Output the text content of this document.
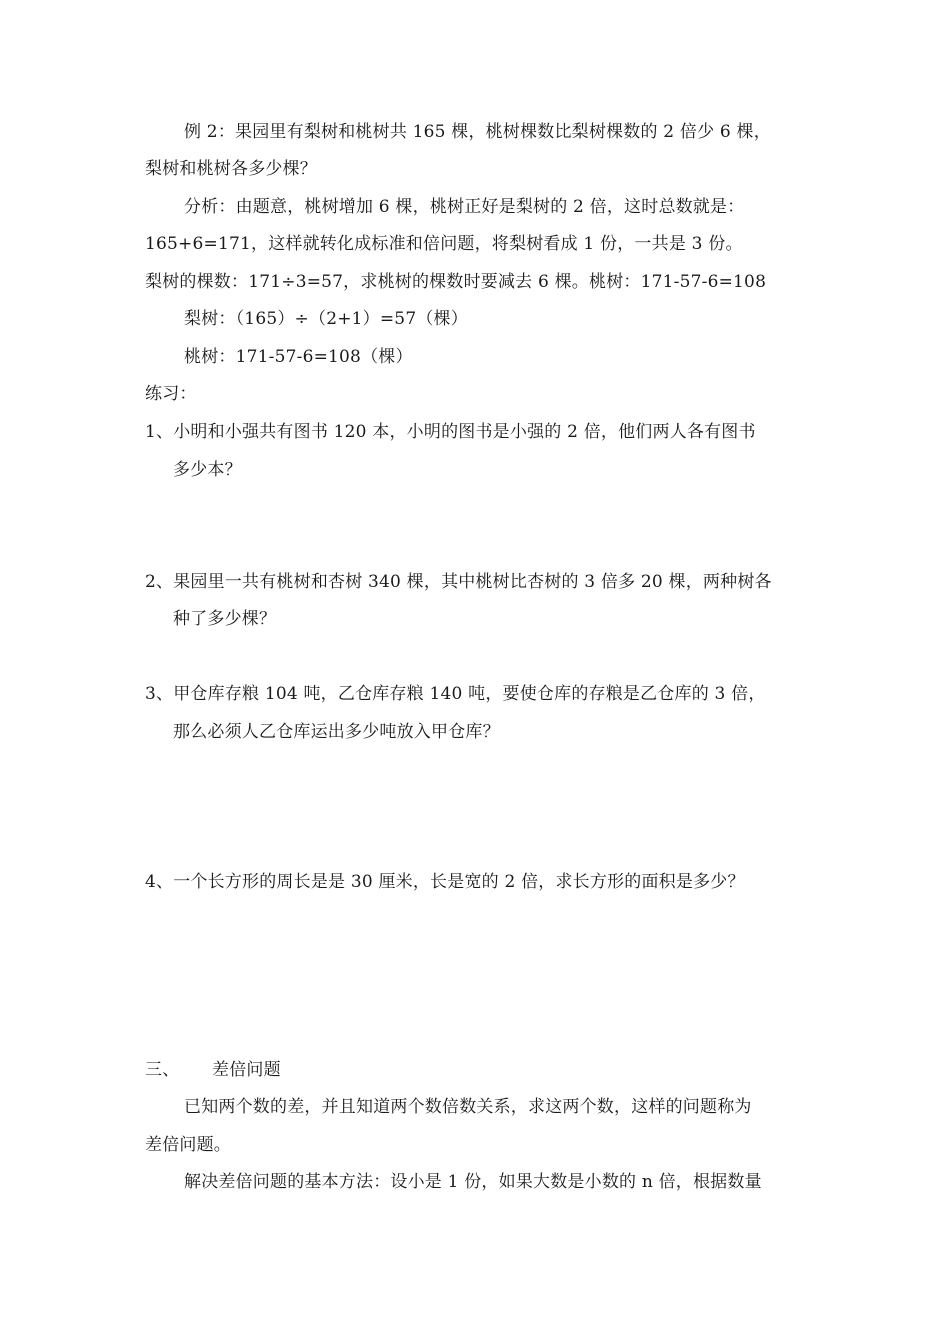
例 2：果园里有梨树和桃树共 165 棵，桃树棵数比梨树棵数的 2 倍少 6 棵，
梨树和桃树各多少棵？
分析：由题意，桃树增加 6 棵，桃树正好是梨树的 2 倍，这时总数就是：
165+6=171，这样就转化成标准和倍问题，将梨树看成 1 份，一共是 3 份。
梨树的棵数：171÷3=57，求桃树的棵数时要减去 6 棵。桃树：171-57-6=108
梨树：（165）÷（2+1）=57（棵）
桃树：171-57-6=108（棵）
练习：
1、小明和小强共有图书 120 本，小明的图书是小强的 2 倍，他们两人各有图书
多少本？
2、果园里一共有桃树和杏树 340 棵，其中桃树比杏树的 3 倍多 20 棵，两种树各
种了多少棵？
3、甲仓库存粮 104 吨，乙仓库存粮 140 吨，要使仓库的存粮是乙仓库的 3 倍，
那么必须人乙仓库运出多少吨放入甲仓库？
4、一个长方形的周长是是 30 厘米，长是宽的 2 倍，求长方形的面积是多少？
三、 差倍问题
已知两个数的差，并且知道两个数倍数关系，求这两个数，这样的问题称为
差倍问题。
解决差倍问题的基本方法：设小是 1 份，如果大数是小数的 n 倍，根据数量
